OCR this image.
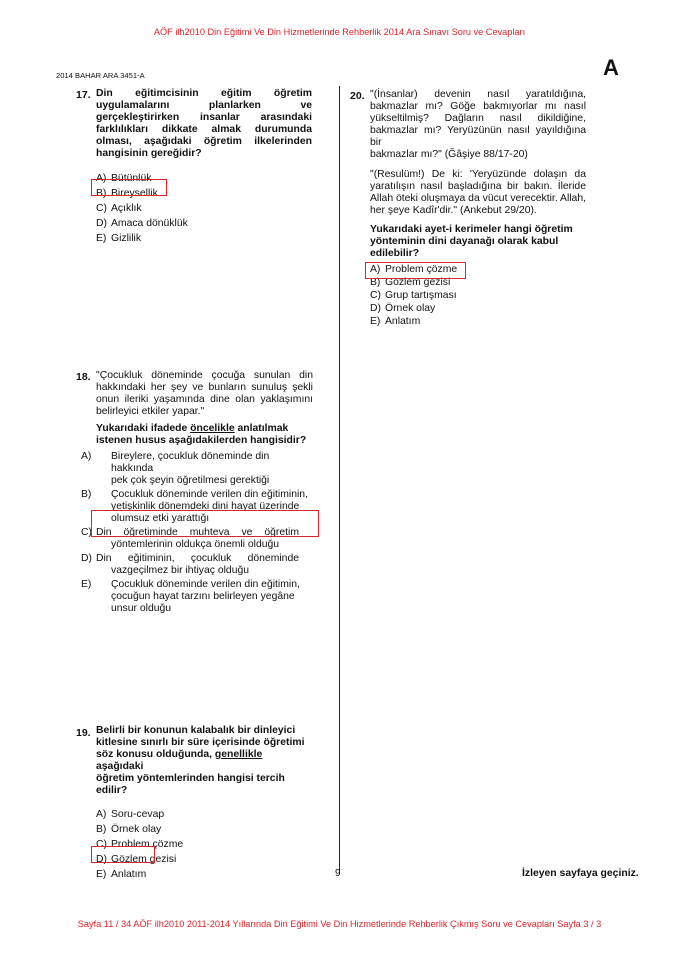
AÖF ilh2010 Din Eğitimi Ve Din Hizmetlerinde Rehberlik 2014 Ara Sınavı Soru ve Cevapları
2014 BAHAR ARA 3451-A	A
17. Din eğitimcisinin eğitim öğretim
uygulamalarını planlarken ve
gerçekleştirirken insanlar arasındaki
farklılıkları dikkate almak durumunda
olması, aşağıdaki öğretim ilkelerinden
hangisinin gereğidir?
A) Bütünlük
B) Bireysellik
C) Açıklık
D) Amaca dönüklük
E) Gizlilik
18. "Çocukluk döneminde çocuğa sunulan din
hakkındaki her şey ve bunların sunuluş şekli
onun ileriki yaşamında dine olan yaklaşımını
belirleyici etkiler yapar."
Yukarıdaki ifadede öncelikle anlatılmak
istenen husus aşağıdakilerden hangisidir?
A) Bireylere, çocukluk döneminde din hakkında
pek çok şeyin öğretilmesi gerektiği
B) Çocukluk döneminde verilen din eğitiminin,
yetişkinlik dönemdeki dini hayat üzerinde
olumsuz etki yarattığı
C) Din öğretiminde muhteva ve öğretim
yöntemlerinin oldukça önemli olduğu
D) Din eğitiminin, çocukluk döneminde
vazgeçilmez bir ihtiyaç olduğu
E) Çocukluk döneminde verilen din eğitimin,
çocuğun hayat tarzını belirleyen yegâne
unsur olduğu
19. Belirli bir konunun kalabalık bir dinleyici
kitlesine sınırlı bir süre içerisinde öğretimi
söz konusu olduğunda, genellikle aşağıdaki
öğretim yöntemlerinden hangisi tercih
edilir?
A) Soru-cevap
B) Örnek olay
C) Problem çözme
D) Gözlem gezisi
E) Anlatım
20. "(İnsanlar) devenin nasıl yaratıldığına,
bakmazlar mı? Göğe bakmıyorlar mı nasıl
yükseltilmiş? Dağların nasıl dikildiğine,
bakmazlar mı? Yeryüzünün nasıl yayıldığına bir
bakmazlar mı?" (Ğâşiye 88/17-20)
"(Resulüm!) De ki: 'Yeryüzünde dolaşın da
yaratılışın nasıl başladığına bir bakın. İleride
Allah öteki oluşmaya da vücut verecektir. Allah,
her şeye Kadîr'dir." (Ankebut 29/20).
Yukarıdaki ayet-i kerimeler hangi öğretim
yönteminin dini dayanağı olarak kabul
edilebilir?
A) Problem çözme
B) Gözlem gezisi
C) Grup tartışması
D) Örnek olay
E) Anlatım
9	İzleyen sayfaya geçiniz.
Sayfa 11 / 34 AÖF ilh2010 2011-2014 Yıllarında Din Eğitimi Ve Din Hizmetlerinde Rehberlik Çıkmış Soru ve Cevapları Sayfa 3 / 3
